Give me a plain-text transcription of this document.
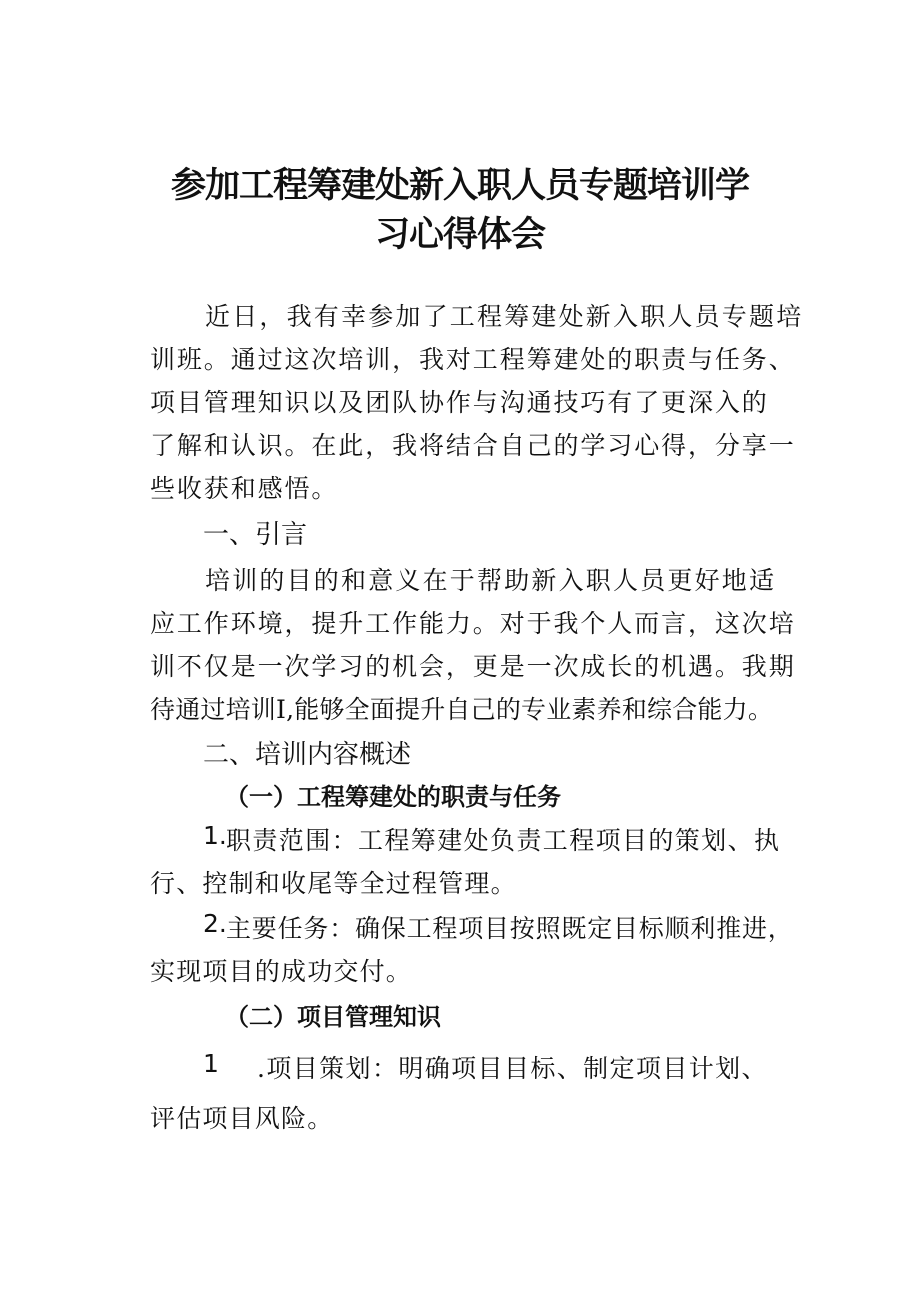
参加工程筹建处新入职人员专题培训学
习心得体会
近日，我有幸参加了工程筹建处新入职人员专题培
训班。通过这次培训，我对工程筹建处的职责与任务、
项目管理知识以及团队协作与沟通技巧有了更深入的
了解和认识。在此，我将结合自己的学习心得，分享一
些收获和感悟。
一、引言
培训的目的和意义在于帮助新入职人员更好地适
应工作环境，提升工作能力。对于我个人而言，这次培
训不仅是一次学习的机会，更是一次成长的机遇。我期
待通过培训I,能够全面提升自己的专业素养和综合能力。
二、培训内容概述
（一）工程筹建处的职责与任务
1. 职责范围：工程筹建处负责工程项目的策划、执
行、控制和收尾等全过程管理。
2. 主要任务：确保工程项目按照既定目标顺利推进，
实现项目的成功交付。
（二）项目管理知识
1 .项目策划：明确项目目标、制定项目计划、
评估项目风险。
